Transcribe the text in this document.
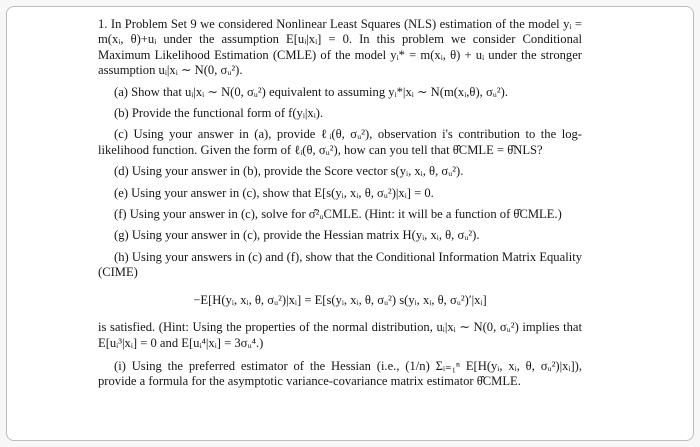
1. In Problem Set 9 we considered Nonlinear Least Squares (NLS) estimation of the model yᵢ = m(xᵢ, θ)+uᵢ under the assumption E[uᵢ|xᵢ] = 0. In this problem we consider Conditional Maximum Likelihood Estimation (CMLE) of the model yᵢ* = m(xᵢ, θ) + uᵢ under the stronger assumption uᵢ|xᵢ ∼ N(0, σᵤ²).

(a) Show that uᵢ|xᵢ ∼ N(0, σᵤ²) equivalent to assuming yᵢ*|xᵢ ∼ N(m(xᵢ,θ), σᵤ²).

(b) Provide the functional form of f(yᵢ|xᵢ).

(c) Using your answer in (a), provide ℓᵢ(θ, σᵤ²), observation i's contribution to the log-likelihood function. Given the form of ℓᵢ(θ, σᵤ²), how can you tell that θ̂CMLE = θ̂NLS?

(d) Using your answer in (b), provide the Score vector s(yᵢ, xᵢ, θ, σᵤ²).

(e) Using your answer in (c), show that E[s(yᵢ, xᵢ, θ, σᵤ²)|xᵢ] = 0.

(f) Using your answer in (c), solve for σ̂²ᵤCMLE. (Hint: it will be a function of θ̂CMLE.)

(g) Using your answer in (c), provide the Hessian matrix H(yᵢ, xᵢ, θ, σᵤ²).

(h) Using your answers in (c) and (f), show that the Conditional Information Matrix Equality (CIME)

−E[H(yᵢ, xᵢ, θ, σᵤ²)|xᵢ] = E[s(yᵢ, xᵢ, θ, σᵤ²) s(yᵢ, xᵢ, θ, σᵤ²)′|xᵢ]

is satisfied. (Hint: Using the properties of the normal distribution, uᵢ|xᵢ ∼ N(0, σᵤ²) implies that E[uᵢ³|xᵢ] = 0 and E[uᵢ⁴|xᵢ] = 3σᵤ⁴.)

(i) Using the preferred estimator of the Hessian (i.e., (1/n) Σᵢ₌₁ⁿ E[H(yᵢ, xᵢ, θ, σᵤ²)|xᵢ]), provide a formula for the asymptotic variance-covariance matrix estimator θ̂CMLE.
